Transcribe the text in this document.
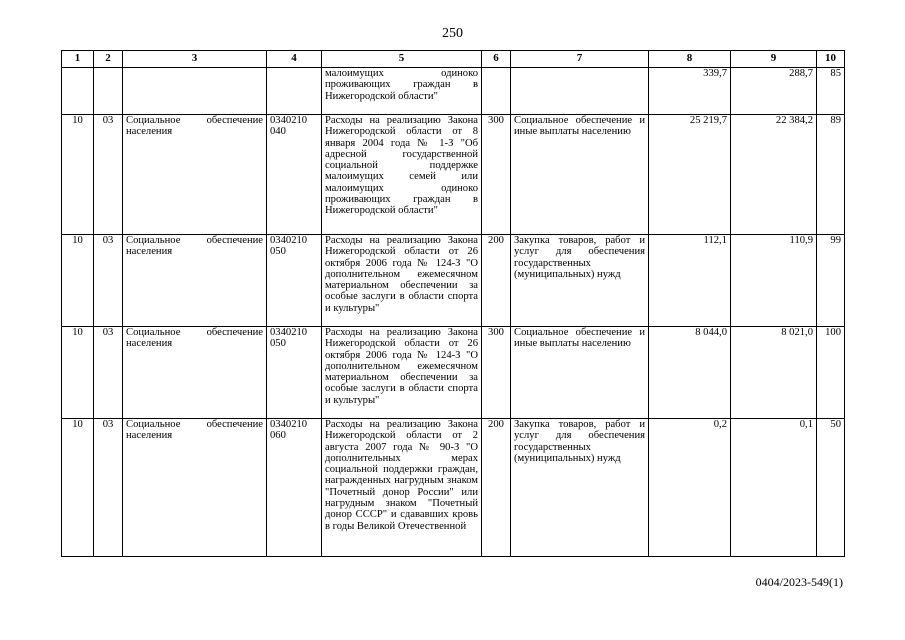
250
1	2	3	4	5	6	7	8	9	10
				малоимущих одиноко проживающих граждан в Нижегородской области"			339,7	288,7	85
10	03	Социальное обеспечение населения	0340210 040	Расходы на реализацию Закона Нижегородской области от 8 января 2004 года № 1-З "Об адресной государственной социальной поддержке малоимущих семей или малоимущих одиноко проживающих граждан в Нижегородской области"	300	Социальное обеспечение и иные выплаты населению	25 219,7	22 384,2	89
10	03	Социальное обеспечение населения	0340210 050	Расходы на реализацию Закона Нижегородской области от 26 октября 2006 года № 124-З "О дополнительном ежемесячном материальном обеспечении за особые заслуги в области спорта и культуры"	200	Закупка товаров, работ и услуг для обеспечения государственных (муниципальных) нужд	112,1	110,9	99
10	03	Социальное обеспечение населения	0340210 050	Расходы на реализацию Закона Нижегородской области от 26 октября 2006 года № 124-З "О дополнительном ежемесячном материальном обеспечении за особые заслуги в области спорта и культуры"	300	Социальное обеспечение и иные выплаты населению	8 044,0	8 021,0	100
10	03	Социальное обеспечение населения	0340210 060	Расходы на реализацию Закона Нижегородской области от 2 августа 2007 года № 90-З "О дополнительных мерах социальной поддержки граждан, награжденных нагрудным знаком "Почетный донор России" или нагрудным знаком "Почетный донор СССР" и сдававших кровь в годы Великой Отечественной	200	Закупка товаров, работ и услуг для обеспечения государственных (муниципальных) нужд	0,2	0,1	50
0404/2023-549(1)
